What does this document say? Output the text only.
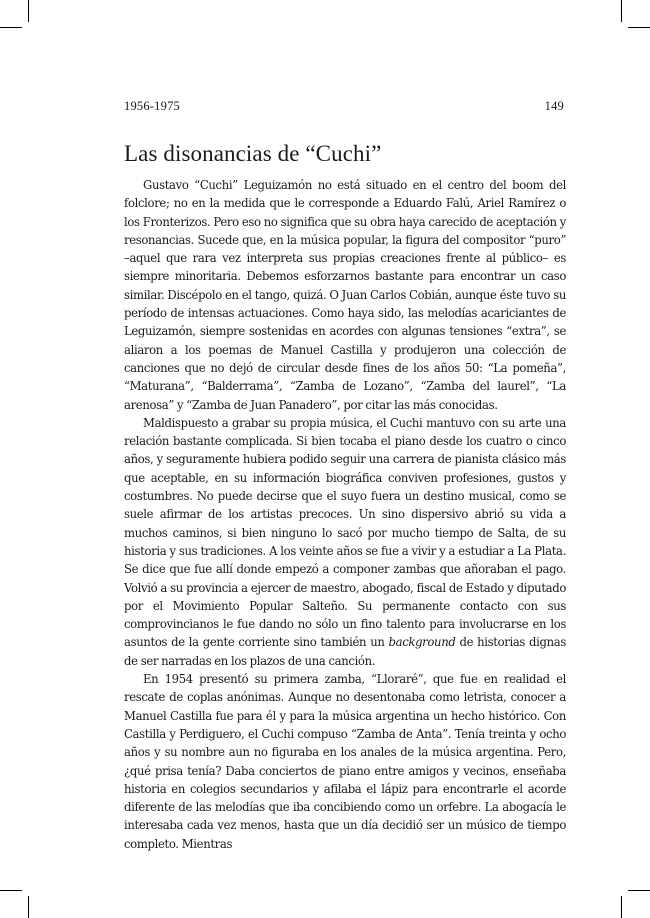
1956-1975	149
Las disonancias de “Cuchi”

Gustavo “Cuchi” Leguizamón no está situado en el centro del boom del folclore; no en la medida que le corresponde a Eduardo Falú, Ariel Ramírez o los Fronterizos. Pero eso no significa que su obra haya carecido de aceptación y resonancias. Sucede que, en la música popular, la figura del compositor “puro” –aquel que rara vez interpreta sus propias creaciones frente al público– es siempre minoritaria. Debemos esforzarnos bastante para encontrar un caso similar. Discépolo en el tango, quizá. O Juan Carlos Cobián, aunque éste tuvo su período de intensas actuaciones. Como haya sido, las melodías acariciantes de Leguizamón, siempre sostenidas en acordes con algunas tensiones “extra”, se aliaron a los poemas de Manuel Castilla y produjeron una colección de canciones que no dejó de circular desde fines de los años 50: “La pomeña”, “Maturana”, “Balderrama”, “Zamba de Lozano”, “Zamba del laurel”, “La arenosa” y “Zamba de Juan Panadero”, por citar las más conocidas.

Maldispuesto a grabar su propia música, el Cuchi mantuvo con su arte una relación bastante complicada. Si bien tocaba el piano desde los cuatro o cinco años, y seguramente hubiera podido seguir una carrera de pianista clásico más que aceptable, en su información biográfica conviven profesiones, gustos y costumbres. No puede decirse que el suyo fuera un destino musical, como se suele afirmar de los artistas precoces. Un sino dispersivo abrió su vida a muchos caminos, si bien ninguno lo sacó por mucho tiempo de Salta, de su historia y sus tradiciones. A los veinte años se fue a vivir y a estudiar a La Plata. Se dice que fue allí donde empezó a componer zambas que añoraban el pago. Volvió a su provincia a ejercer de maestro, abogado, fiscal de Estado y diputado por el Movimiento Popular Salteño. Su permanente contacto con sus comprovincianos le fue dando no sólo un fino talento para involucrarse en los asuntos de la gente corriente sino también un background de historias dignas de ser narradas en los plazos de una canción.

En 1954 presentó su primera zamba, “Lloraré”, que fue en realidad el rescate de coplas anónimas. Aunque no desentonaba como letrista, conocer a Manuel Castilla fue para él y para la música argentina un hecho histórico. Con Castilla y Perdiguero, el Cuchi compuso “Zamba de Anta”. Tenía treinta y ocho años y su nombre aun no figuraba en los anales de la música argentina. Pero, ¿qué prisa tenía? Daba conciertos de piano entre amigos y vecinos, enseñaba historia en colegios secundarios y afilaba el lápiz para encontrarle el acorde diferente de las melodías que iba concibiendo como un orfebre. La abogacía le interesaba cada vez menos, hasta que un día decidió ser un músico de tiempo completo. Mientras
